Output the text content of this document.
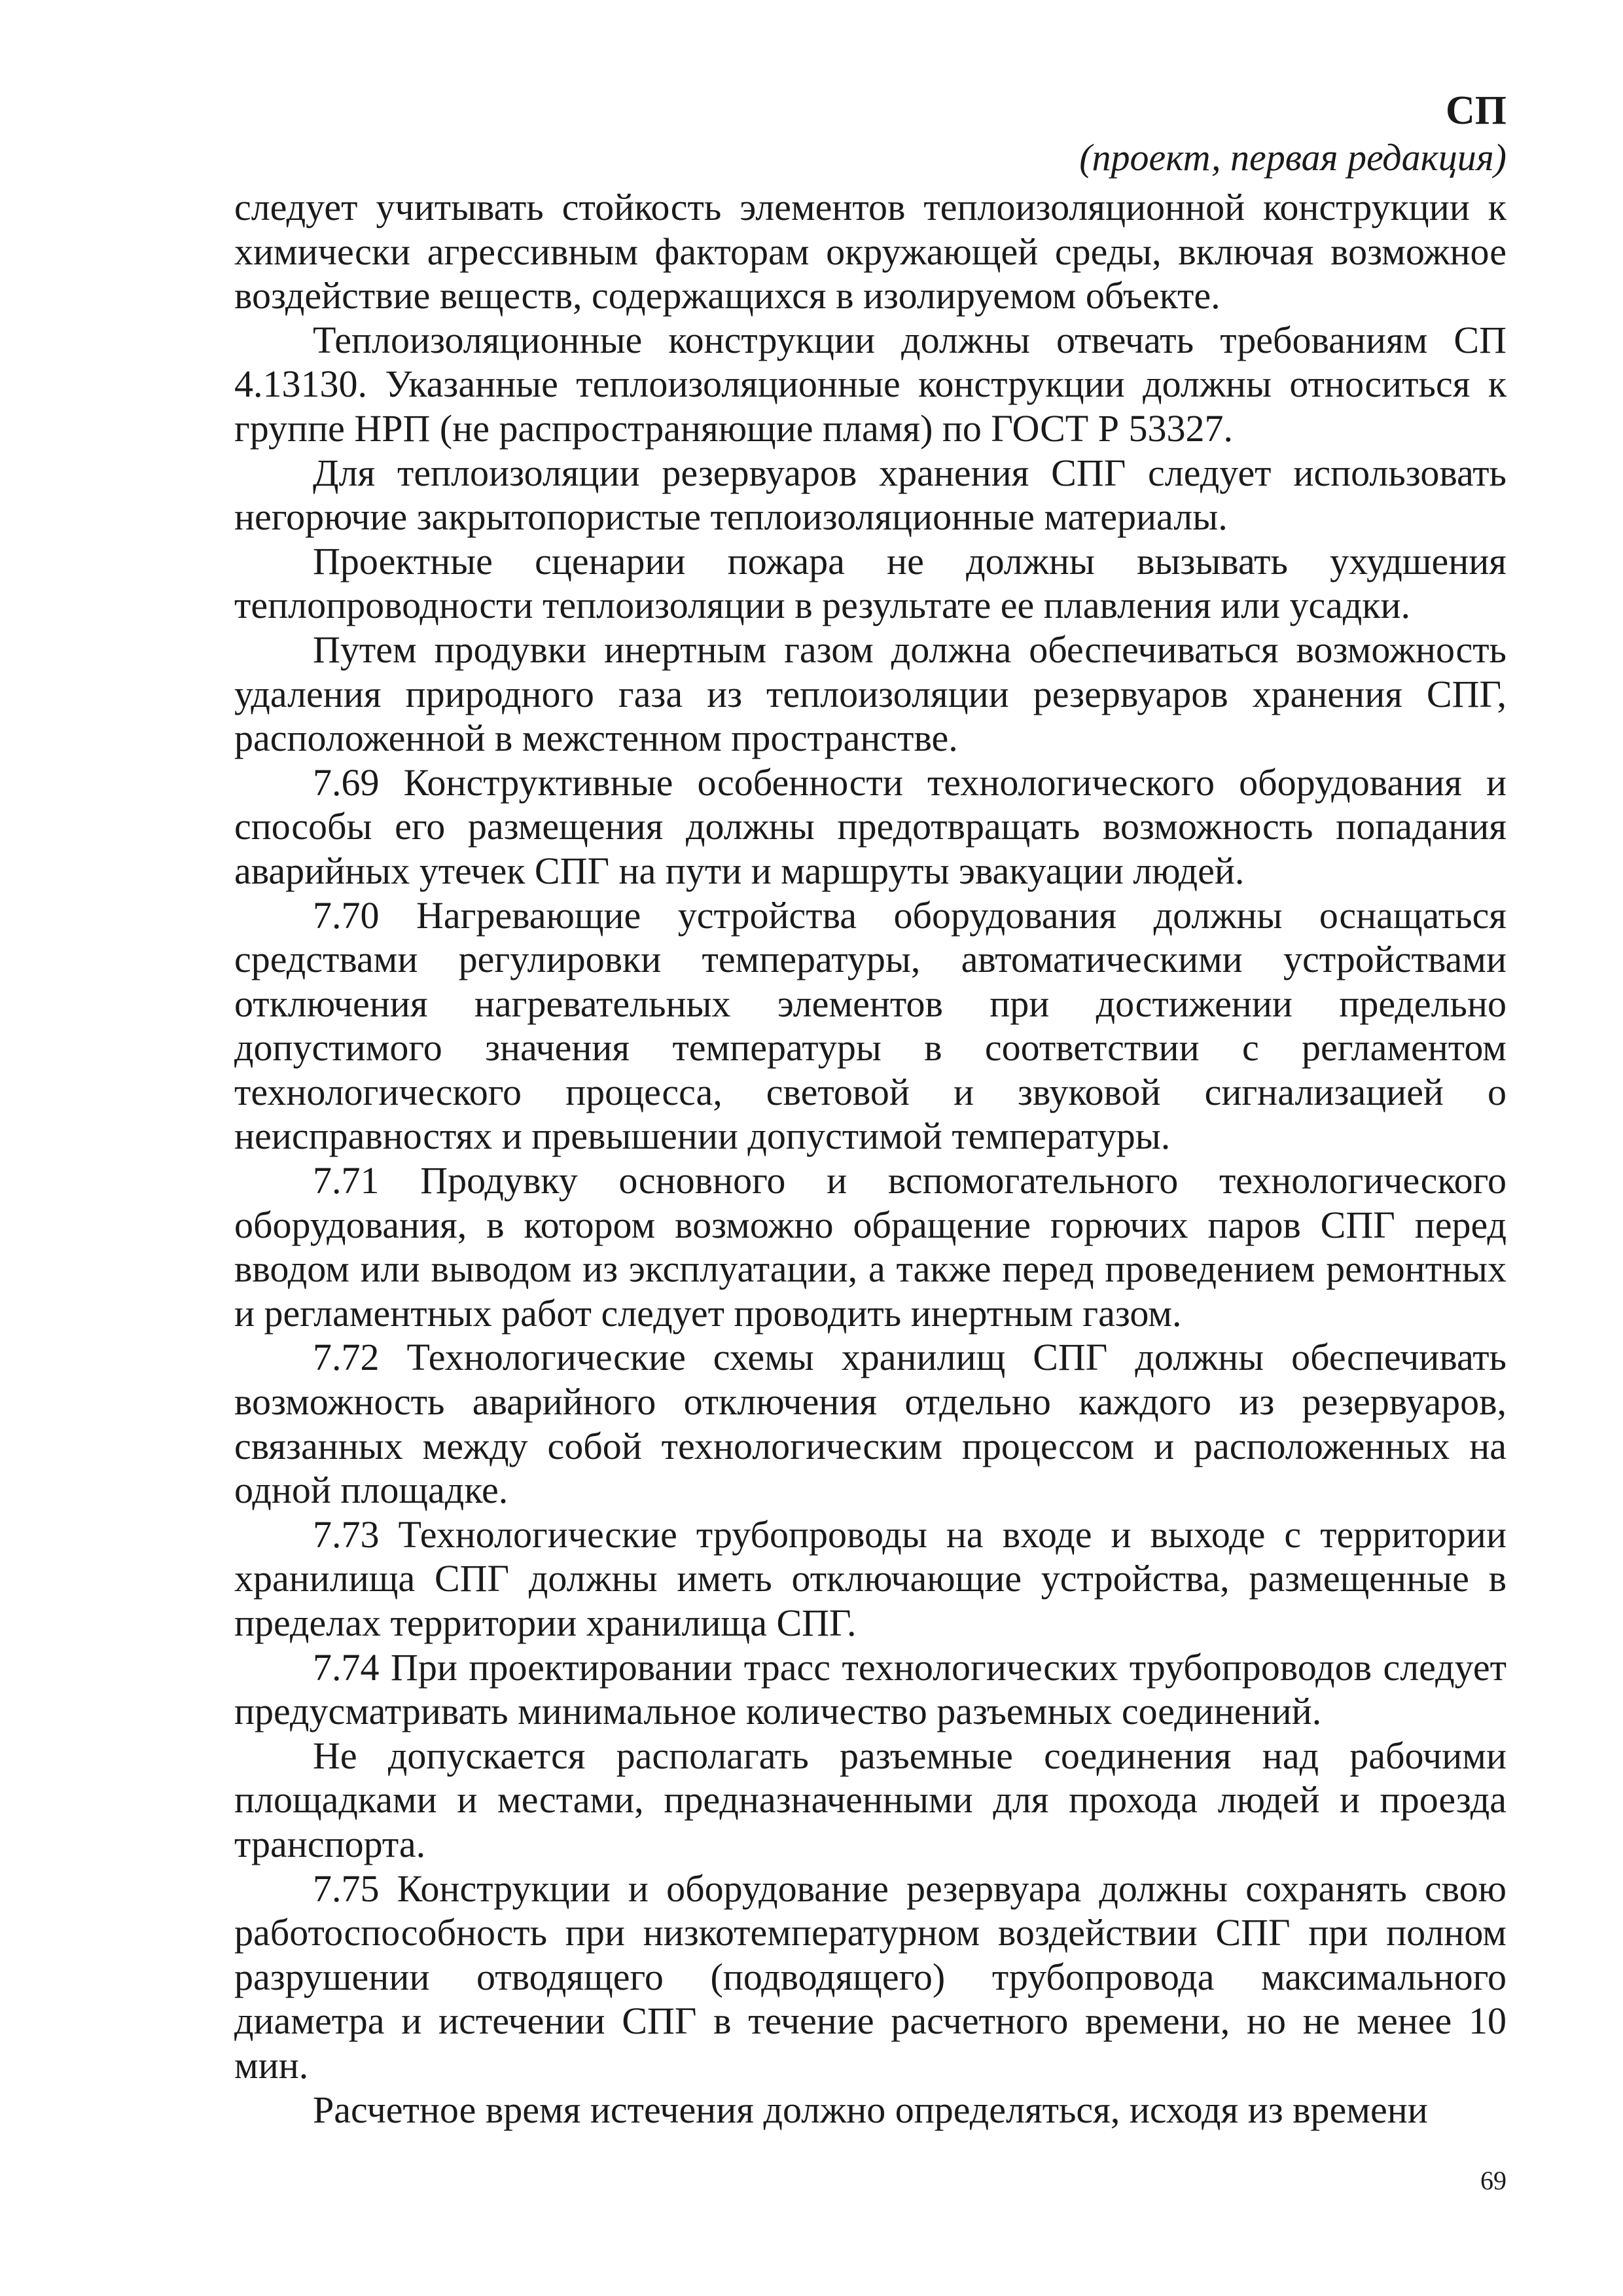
СП
(проект, первая редакция)

следует учитывать стойкость элементов теплоизоляционной конструкции к химически агрессивным факторам окружающей среды, включая возможное воздействие веществ, содержащихся в изолируемом объекте.

Теплоизоляционные конструкции должны отвечать требованиям СП 4.13130. Указанные теплоизоляционные конструкции должны относиться к группе НРП (не распространяющие пламя) по ГОСТ Р 53327.

Для теплоизоляции резервуаров хранения СПГ следует использовать негорючие закрытопористые теплоизоляционные материалы.

Проектные сценарии пожара не должны вызывать ухудшения теплопроводности теплоизоляции в результате ее плавления или усадки.

Путем продувки инертным газом должна обеспечиваться возможность удаления природного газа из теплоизоляции резервуаров хранения СПГ, расположенной в межстенном пространстве.

7.69 Конструктивные особенности технологического оборудования и способы его размещения должны предотвращать возможность попадания аварийных утечек СПГ на пути и маршруты эвакуации людей.

7.70 Нагревающие устройства оборудования должны оснащаться средствами регулировки температуры, автоматическими устройствами отключения нагревательных элементов при достижении предельно допустимого значения температуры в соответствии с регламентом технологического процесса, световой и звуковой сигнализацией о неисправностях и превышении допустимой температуры.

7.71 Продувку основного и вспомогательного технологического оборудования, в котором возможно обращение горючих паров СПГ перед вводом или выводом из эксплуатации, а также перед проведением ремонтных и регламентных работ следует проводить инертным газом.

7.72 Технологические схемы хранилищ СПГ должны обеспечивать возможность аварийного отключения отдельно каждого из резервуаров, связанных между собой технологическим процессом и расположенных на одной площадке.

7.73 Технологические трубопроводы на входе и выходе с территории хранилища СПГ должны иметь отключающие устройства, размещенные в пределах территории хранилища СПГ.

7.74 При проектировании трасс технологических трубопроводов следует предусматривать минимальное количество разъемных соединений.

Не допускается располагать разъемные соединения над рабочими площадками и местами, предназначенными для прохода людей и проезда транспорта.

7.75 Конструкции и оборудование резервуара должны сохранять свою работоспособность при низкотемпературном воздействии СПГ при полном разрушении отводящего (подводящего) трубопровода максимального диаметра и истечении СПГ в течение расчетного времени, но не менее 10 мин.

Расчетное время истечения должно определяться, исходя из времени

69
